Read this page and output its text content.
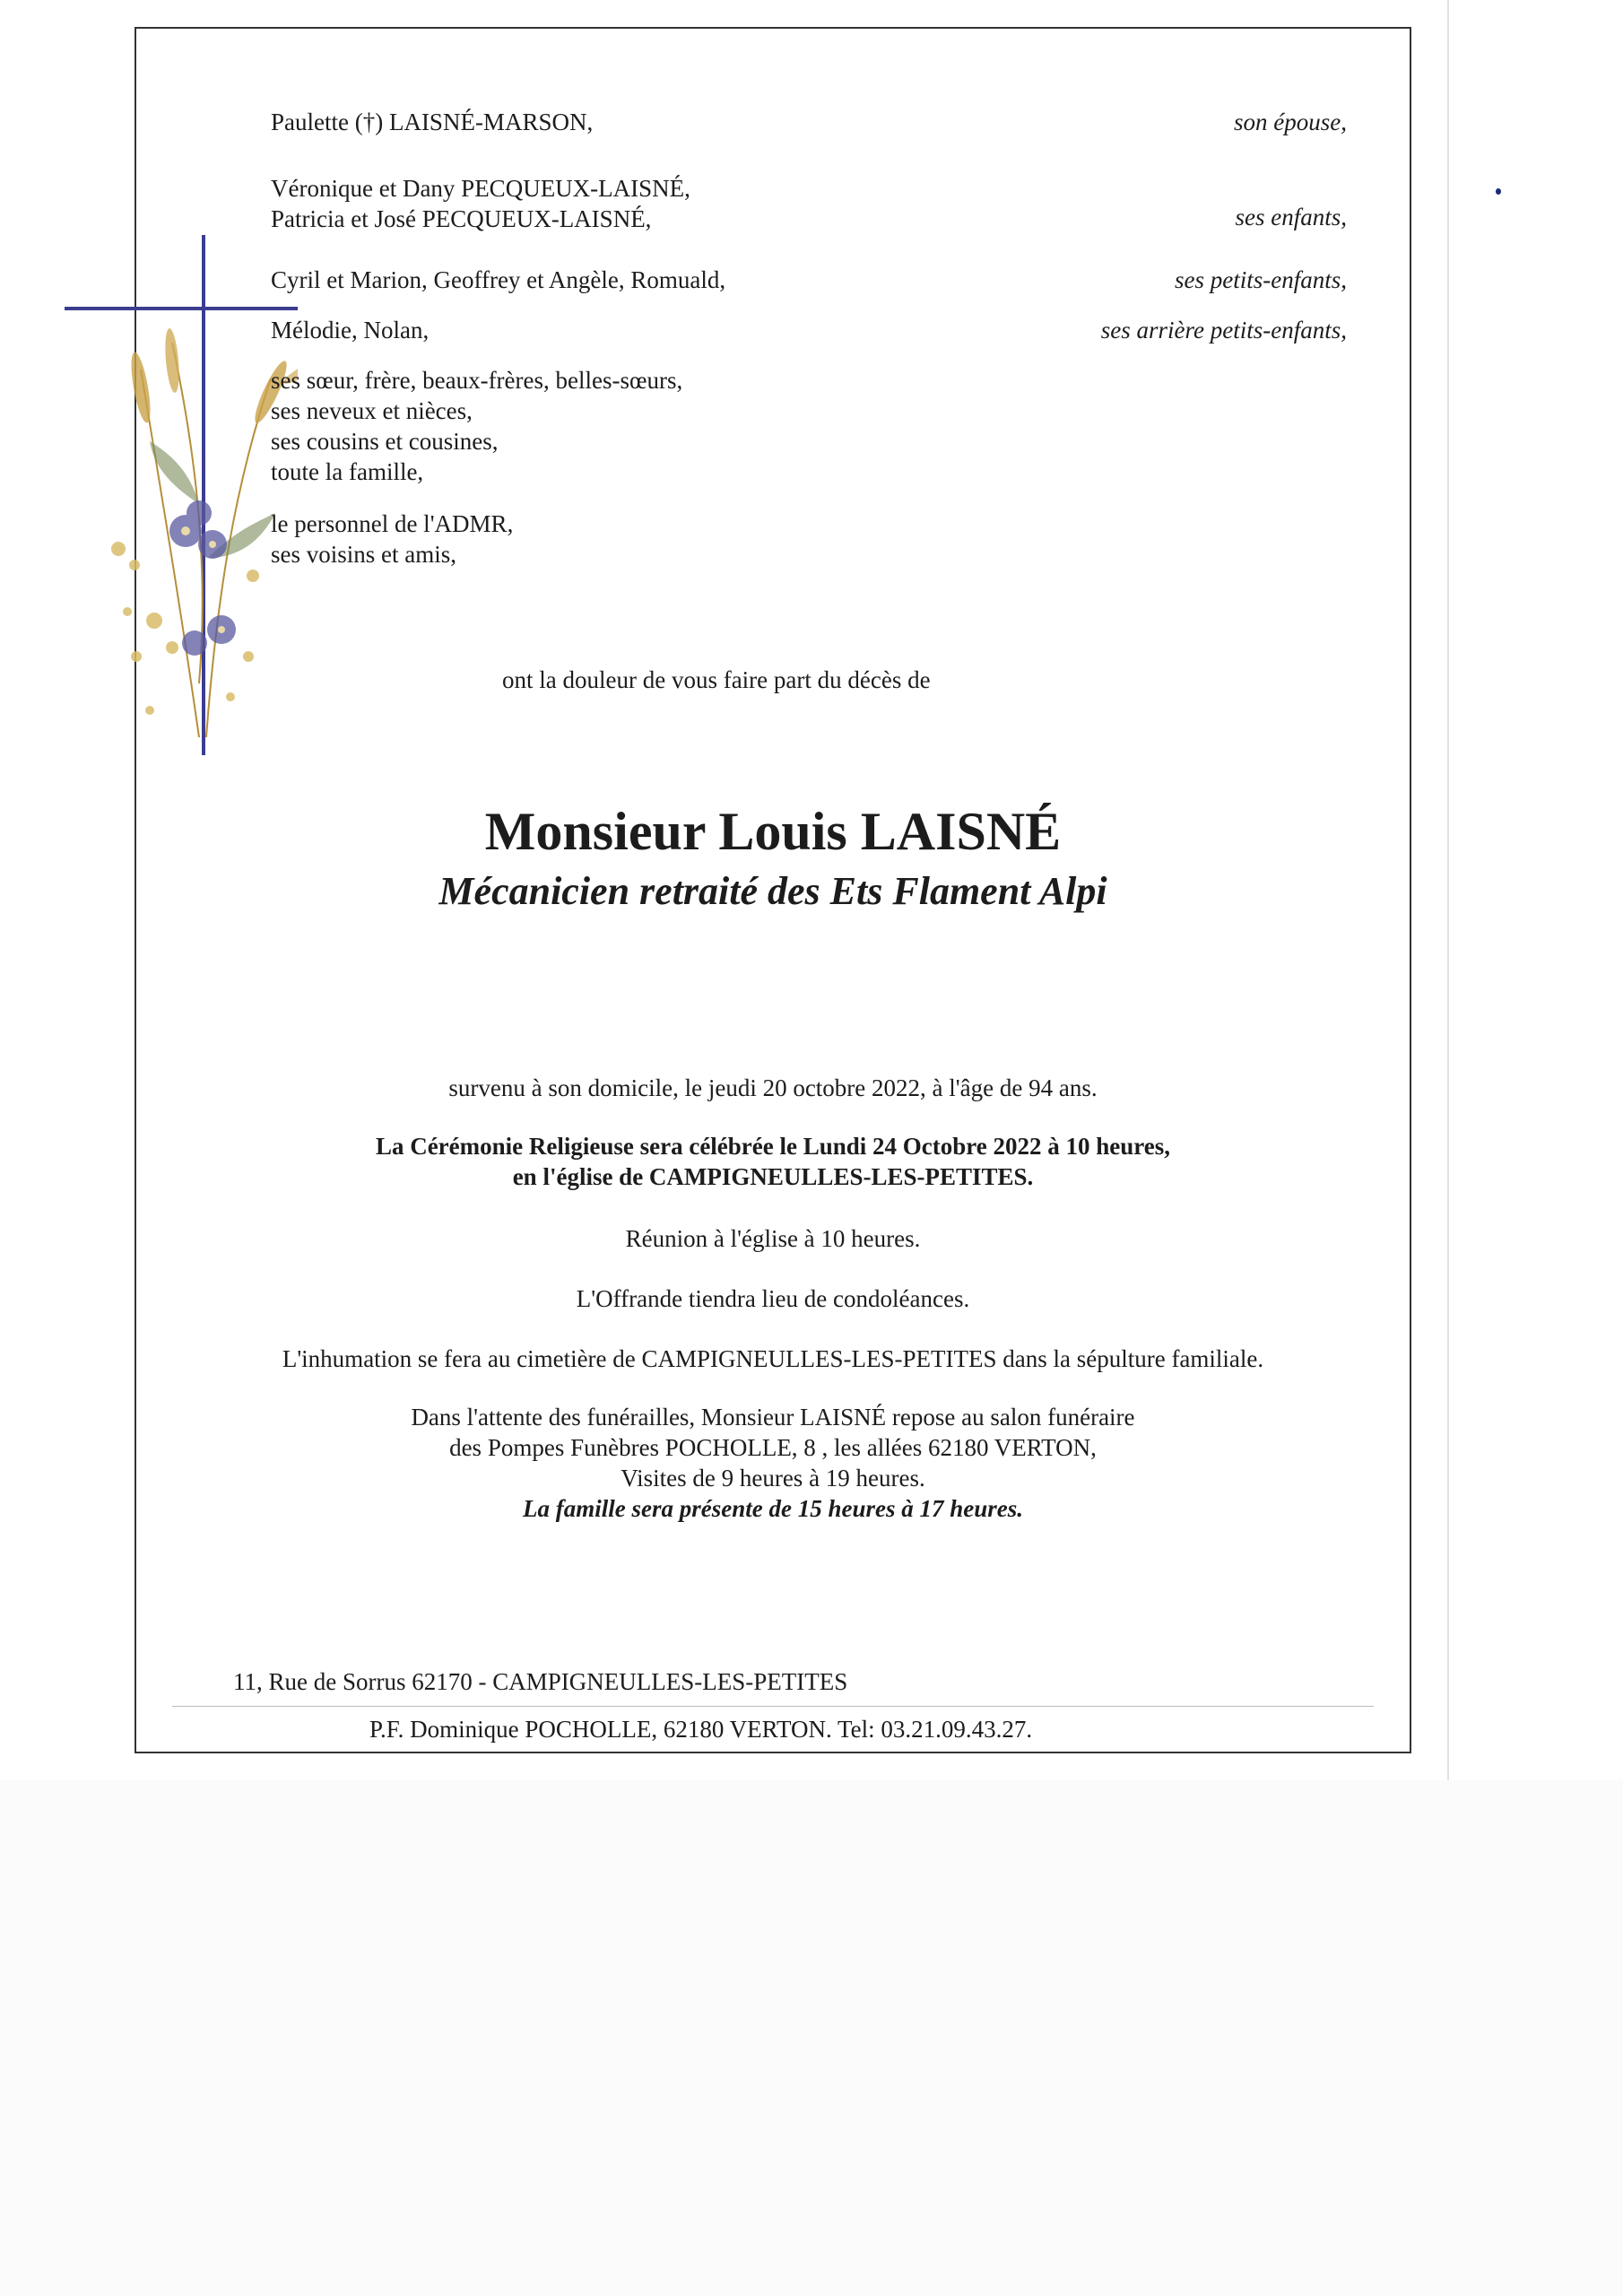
Paulette (†) LAISNÉ-MARSON,	son épouse,
Véronique et Dany PECQUEUX-LAISNÉ,
Patricia et José PECQUEUX-LAISNÉ,	ses enfants,
Cyril et Marion, Geoffrey et Angèle, Romuald,	ses petits-enfants,
Mélodie, Nolan,	ses arrière petits-enfants,
ses sœur, frère, beaux-frères, belles-sœurs,
ses neveux et nièces,
ses cousins et cousines,
toute la famille,
le personnel de l'ADMR,
ses voisins et amis,
ont la douleur de vous faire part du décès de
Monsieur Louis LAISNÉ
Mécanicien retraité des Ets Flament Alpi
survenu à son domicile, le jeudi 20 octobre 2022, à l'âge de 94 ans.
La Cérémonie Religieuse sera célébrée le Lundi 24 Octobre 2022 à 10 heures,
en l'église de CAMPIGNEULLES-LES-PETITES.
Réunion à l'église à 10 heures.
L'Offrande tiendra lieu de condoléances.
L'inhumation se fera au cimetière de CAMPIGNEULLES-LES-PETITES dans la sépulture familiale.
Dans l'attente des funérailles, Monsieur LAISNÉ repose au salon funéraire
des Pompes Funèbres POCHOLLE, 8 , les allées 62180 VERTON,
Visites de 9 heures à 19 heures.
La famille sera présente de 15 heures à 17 heures.
11, Rue de Sorrus 62170 - CAMPIGNEULLES-LES-PETITES
P.F. Dominique POCHOLLE, 62180 VERTON. Tel: 03.21.09.43.27.
